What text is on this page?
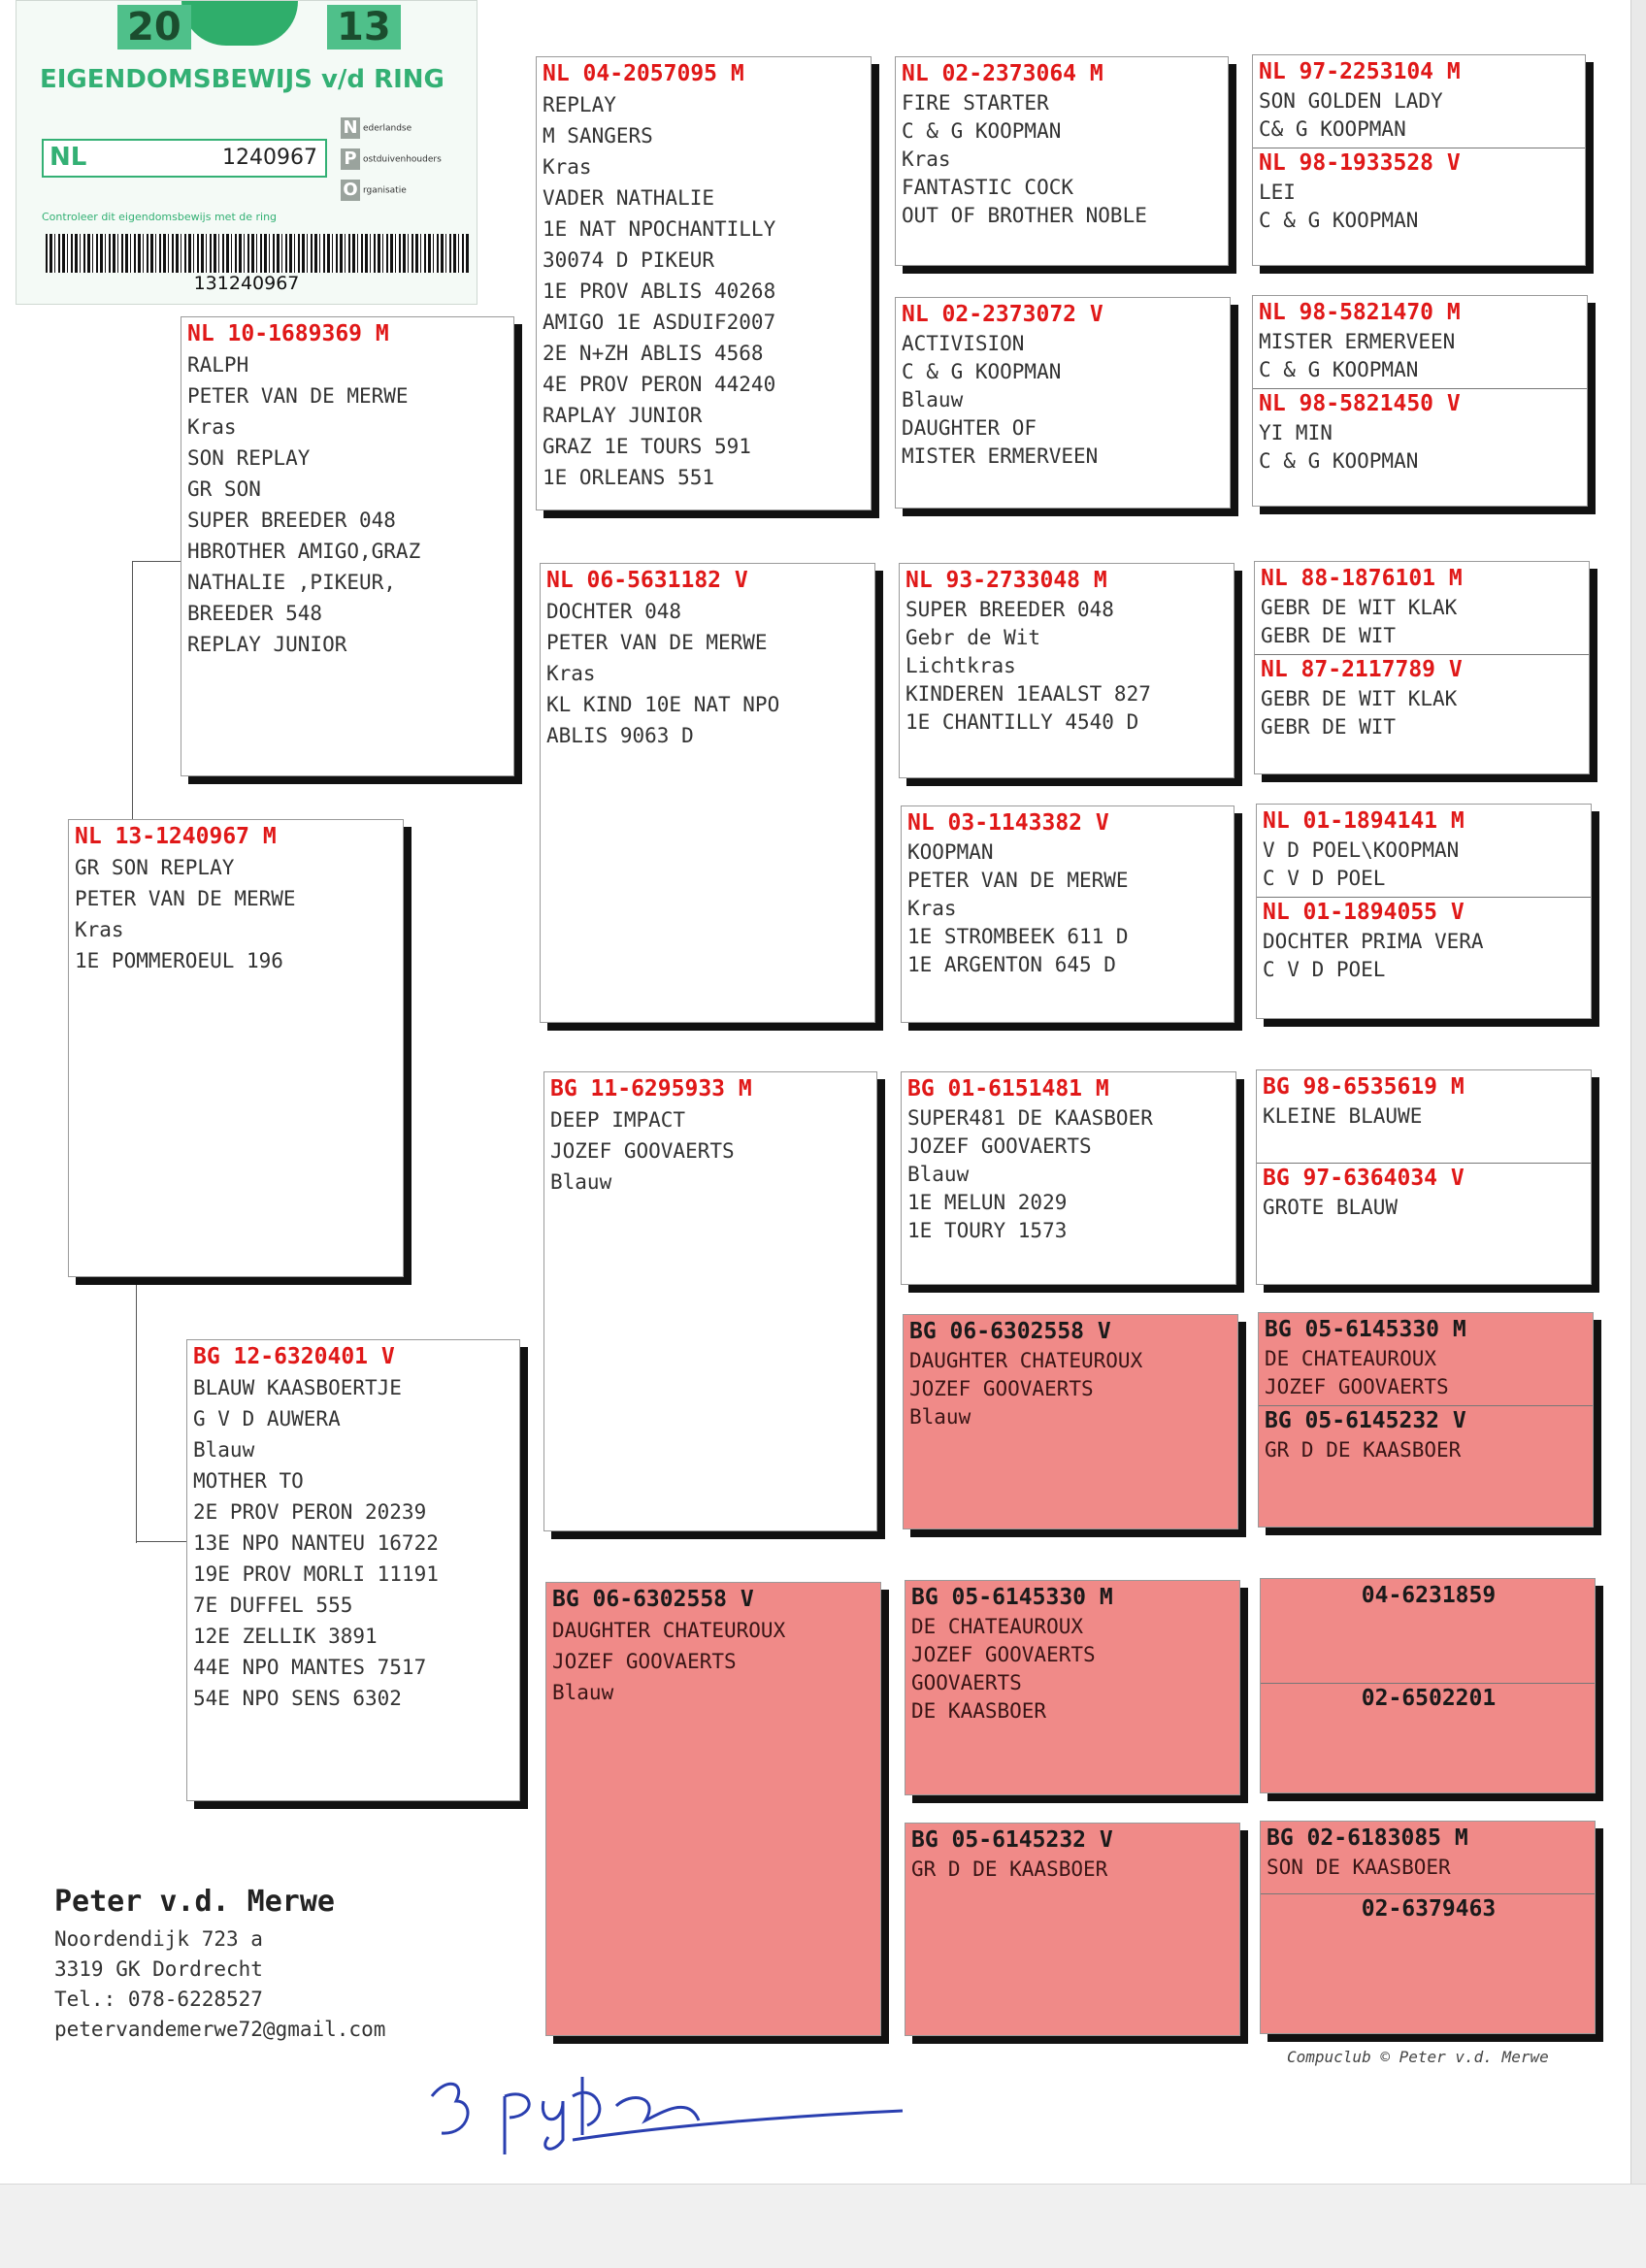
20	13
EIGENDOMSBEWIJS v/d RING
NL	1240967
N ederlandse
P ostduivenhouders
O rganisatie
Controleer dit eigendomsbewijs met de ring
131240967
NL 13-1240967 M
GR SON REPLAY
PETER VAN DE MERWE
Kras
1E POMMEROEUL 196
NL 10-1689369 M
RALPH
PETER VAN DE MERWE
Kras
SON REPLAY
GR SON
SUPER BREEDER 048
HBROTHER AMIGO,GRAZ
NATHALIE ,PIKEUR,
BREEDER 548
REPLAY JUNIOR
BG 12-6320401 V
BLAUW KAASBOERTJE
G V D AUWERA
Blauw
MOTHER TO
2E PROV PERON 20239
13E NPO NANTEU 16722
19E PROV MORLI 11191
7E DUFFEL 555
12E ZELLIK 3891
44E NPO MANTES 7517
54E NPO SENS 6302
NL 04-2057095 M
REPLAY
M SANGERS
Kras
VADER NATHALIE
1E NAT NPOCHANTILLY
30074 D PIKEUR
1E PROV ABLIS 40268
AMIGO 1E ASDUIF2007
2E N+ZH ABLIS 4568
4E PROV PERON 44240
RAPLAY JUNIOR
GRAZ 1E TOURS 591
1E ORLEANS 551
NL 06-5631182 V
DOCHTER 048
PETER VAN DE MERWE
Kras
KL KIND 10E NAT NPO
ABLIS 9063 D
BG 11-6295933 M
DEEP IMPACT
JOZEF GOOVAERTS
Blauw
BG 06-6302558 V
DAUGHTER CHATEUROUX
JOZEF GOOVAERTS
Blauw
NL 02-2373064 M
FIRE STARTER
C & G KOOPMAN
Kras
FANTASTIC COCK
OUT OF BROTHER NOBLE
NL 02-2373072 V
ACTIVISION
C & G KOOPMAN
Blauw
DAUGHTER OF
MISTER ERMERVEEN
NL 93-2733048 M
SUPER BREEDER 048
Gebr de Wit
Lichtkras
KINDEREN 1EAALST 827
1E CHANTILLY 4540 D
NL 03-1143382 V
KOOPMAN
PETER VAN DE MERWE
Kras
1E STROMBEEK 611 D
1E ARGENTON 645 D
BG 01-6151481 M
SUPER481 DE KAASBOER
JOZEF GOOVAERTS
Blauw
1E MELUN 2029
1E TOURY 1573
BG 06-6302558 V
DAUGHTER CHATEUROUX
JOZEF GOOVAERTS
Blauw
BG 05-6145330 M
DE CHATEAUROUX
JOZEF GOOVAERTS
GOOVAERTS
DE KAASBOER
BG 05-6145232 V
GR D DE KAASBOER
NL 97-2253104 M
SON GOLDEN LADY
C& G KOOPMAN
NL 98-1933528 V
LEI
C & G KOOPMAN
NL 98-5821470 M
MISTER ERMERVEEN
C & G KOOPMAN
NL 98-5821450 V
YI MIN
C & G KOOPMAN
NL 88-1876101 M
GEBR DE WIT KLAK
GEBR DE WIT
NL 87-2117789 V
GEBR DE WIT KLAK
GEBR DE WIT
NL 01-1894141 M
V D POEL\KOOPMAN
C V D POEL
NL 01-1894055 V
DOCHTER PRIMA VERA
C V D POEL
BG 98-6535619 M
KLEINE BLAUWE
BG 97-6364034 V
GROTE BLAUW
BG 05-6145330 M
DE CHATEAUROUX
JOZEF GOOVAERTS
BG 05-6145232 V
GR D DE KAASBOER
04-6231859
02-6502201
BG 02-6183085 M
SON DE KAASBOER
02-6379463
Peter v.d. Merwe
Noordendijk 723 a
3319 GK Dordrecht
Tel.: 078-6228527
petervandemerwe72@gmail.com
Compuclub © Peter v.d. Merwe
